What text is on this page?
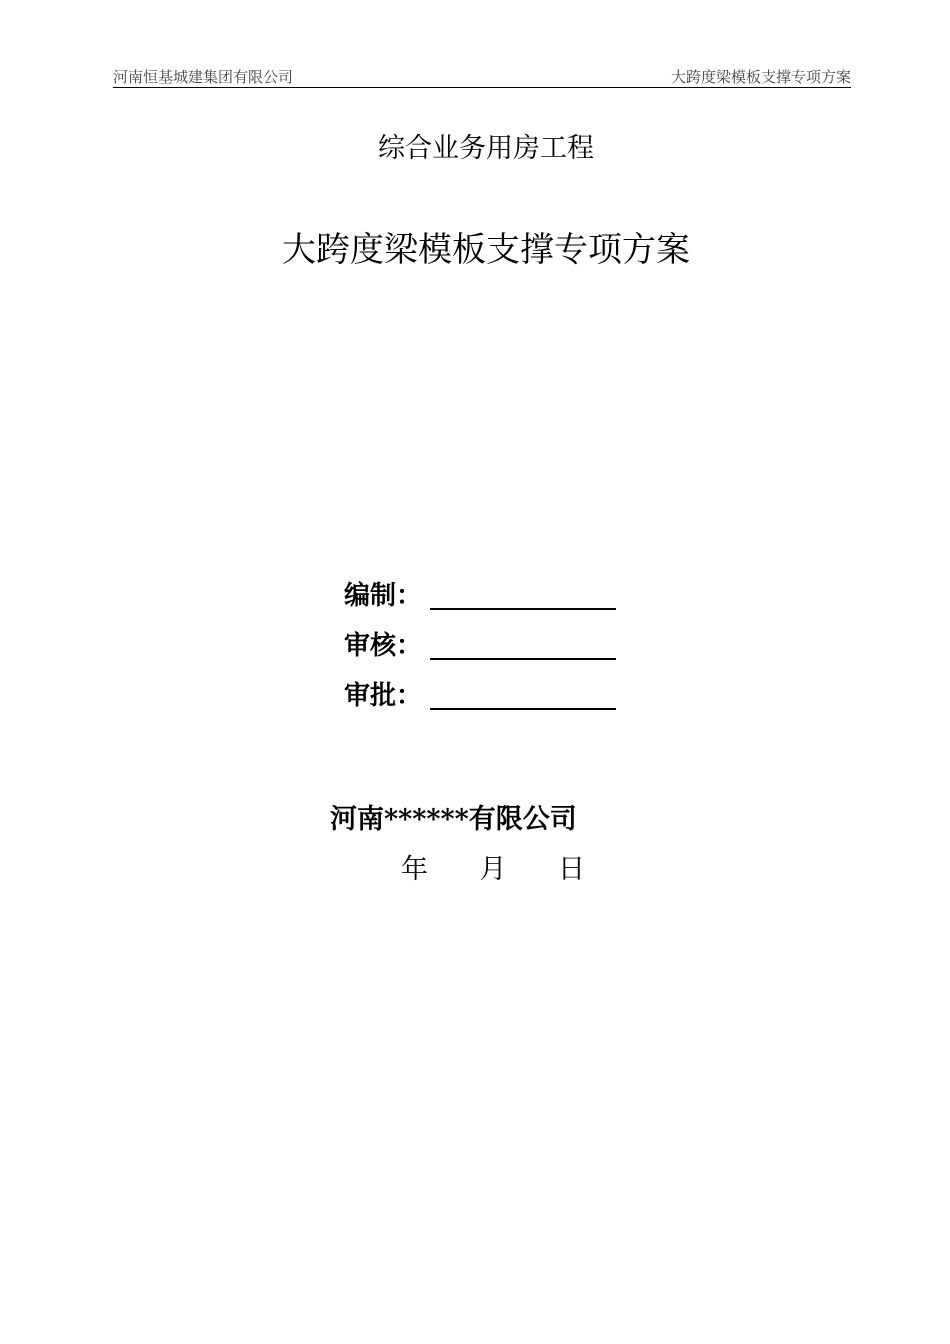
河南恒基城建集团有限公司	大跨度梁模板支撑专项方案
综合业务用房工程
大跨度梁模板支撑专项方案
编制：
审核：
审批：
河南******有限公司
年      月      日
